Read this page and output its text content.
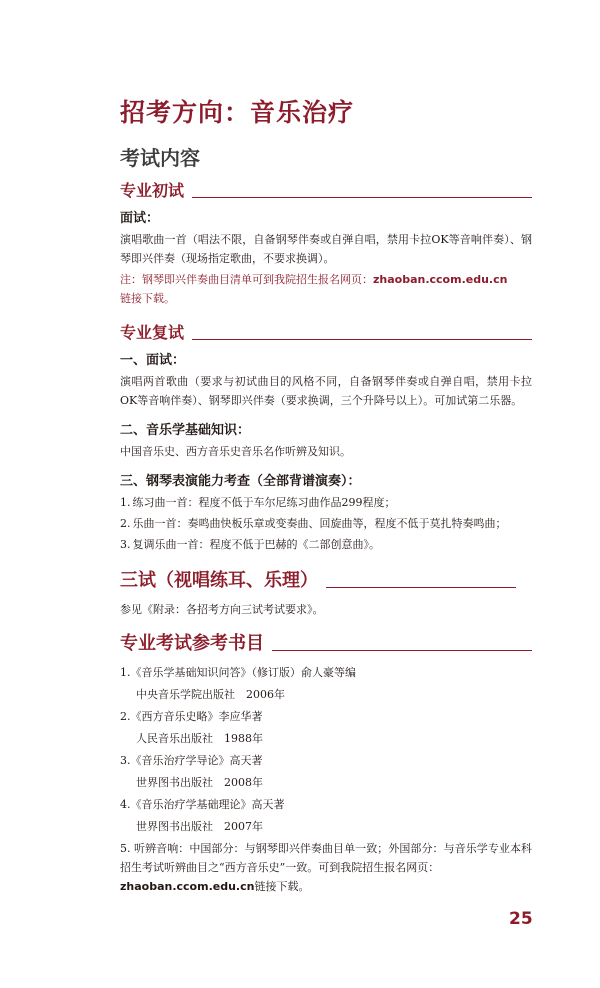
招考方向：音乐治疗
考试内容
专业初试
面试：

演唱歌曲一首（唱法不限，自备钢琴伴奏或自弹自唱，禁用卡拉OK等音响伴奏）、钢琴即兴伴奏（现场指定歌曲，不要求换调）。

注：钢琴即兴伴奏曲目清单可到我院招生报名网页：zhaoban.ccom.edu.cn
链接下载。

专业复试
一、面试：

演唱两首歌曲（要求与初试曲目的风格不同，自备钢琴伴奏或自弹自唱，禁用卡拉OK等音响伴奏）、钢琴即兴伴奏（要求换调，三个升降号以上）。可加试第二乐器。

二、音乐学基础知识：

中国音乐史、西方音乐史音乐名作听辨及知识。

三、钢琴表演能力考查（全部背谱演奏）：
1. 练习曲一首：程度不低于车尔尼练习曲作品299程度；
2. 乐曲一首：奏鸣曲快板乐章或变奏曲、回旋曲等，程度不低于莫扎特奏鸣曲；
3. 复调乐曲一首：程度不低于巴赫的《二部创意曲》。
三试（视唱练耳、乐理）

参见《附录：各招考方向三试考试要求》。

专业考试参考书目
1.《音乐学基础知识问答》（修订版）俞人豪等编
中央音乐学院出版社　2006年
2.《西方音乐史略》李应华著
人民音乐出版社　1988年
3.《音乐治疗学导论》高天著
世界图书出版社　2008年
4.《音乐治疗学基础理论》高天著
世界图书出版社　2007年

5. 听辨音响：中国部分：与钢琴即兴伴奏曲目单一致；外国部分：与音乐学专业本科招生考试听辨曲目之“西方音乐史”一致。可到我院招生报名网页：
zhaoban.ccom.edu.cn链接下载。

25
